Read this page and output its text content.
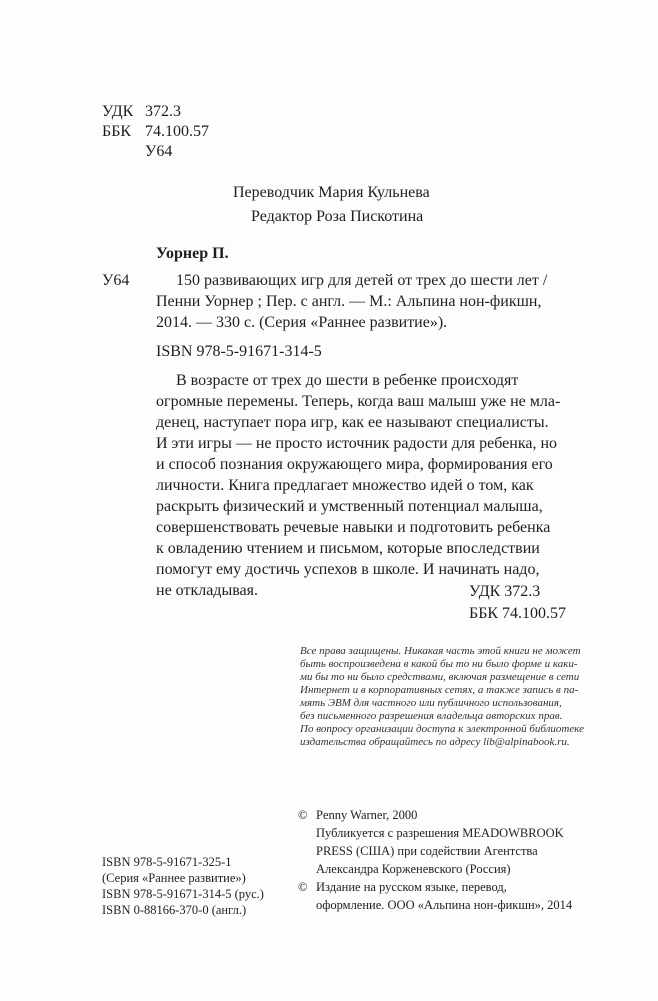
УДК 372.3
ББК 74.100.57
У64
Переводчик Мария Кульнева
Редактор Роза Пискотина
Уорнер П.
У64	150 развивающих игр для детей от трех до шести лет /
Пенни Уорнер ; Пер. с англ. — М.: Альпина нон-фикшн,
2014. — 330 с. (Серия «Раннее развитие»).
ISBN 978-5-91671-314-5
В возрасте от трех до шести в ребенке происходят
огромные перемены. Теперь, когда ваш малыш уже не мла-
денец, наступает пора игр, как ее называют специалисты.
И эти игры — не просто источник радости для ребенка, но
и способ познания окружающего мира, формирования его
личности. Книга предлагает множество идей о том, как
раскрыть физический и умственный потенциал малыша,
совершенствовать речевые навыки и подготовить ребенка
к овладению чтением и письмом, которые впоследствии
помогут ему достичь успехов в школе. И начинать надо,
не откладывая.	УДК 372.3
ББК 74.100.57
Все права защищены. Никакая часть этой книги не может
быть воспроизведена в какой бы то ни было форме и каки-
ми бы то ни было средствами, включая размещение в сети
Интернет и в корпоративных сетях, а также запись в па-
мять ЭВМ для частного или публичного использования,
без письменного разрешения владельца авторских прав.
По вопросу организации доступа к электронной библиотеке
издательства обращайтесь по адресу lib@alpinabook.ru.
ISBN 978-5-91671-325-1
(Серия «Раннее развитие»)
ISBN 978-5-91671-314-5 (рус.)
ISBN 0-88166-370-0 (англ.)
© Penny Warner, 2000
Публикуется с разрешения MEADOWBROOK
PRESS (США) при содействии Агентства
Александра Корженевского (Россия)
© Издание на русском языке, перевод,
оформление. ООО «Альпина нон-фикшн», 2014
